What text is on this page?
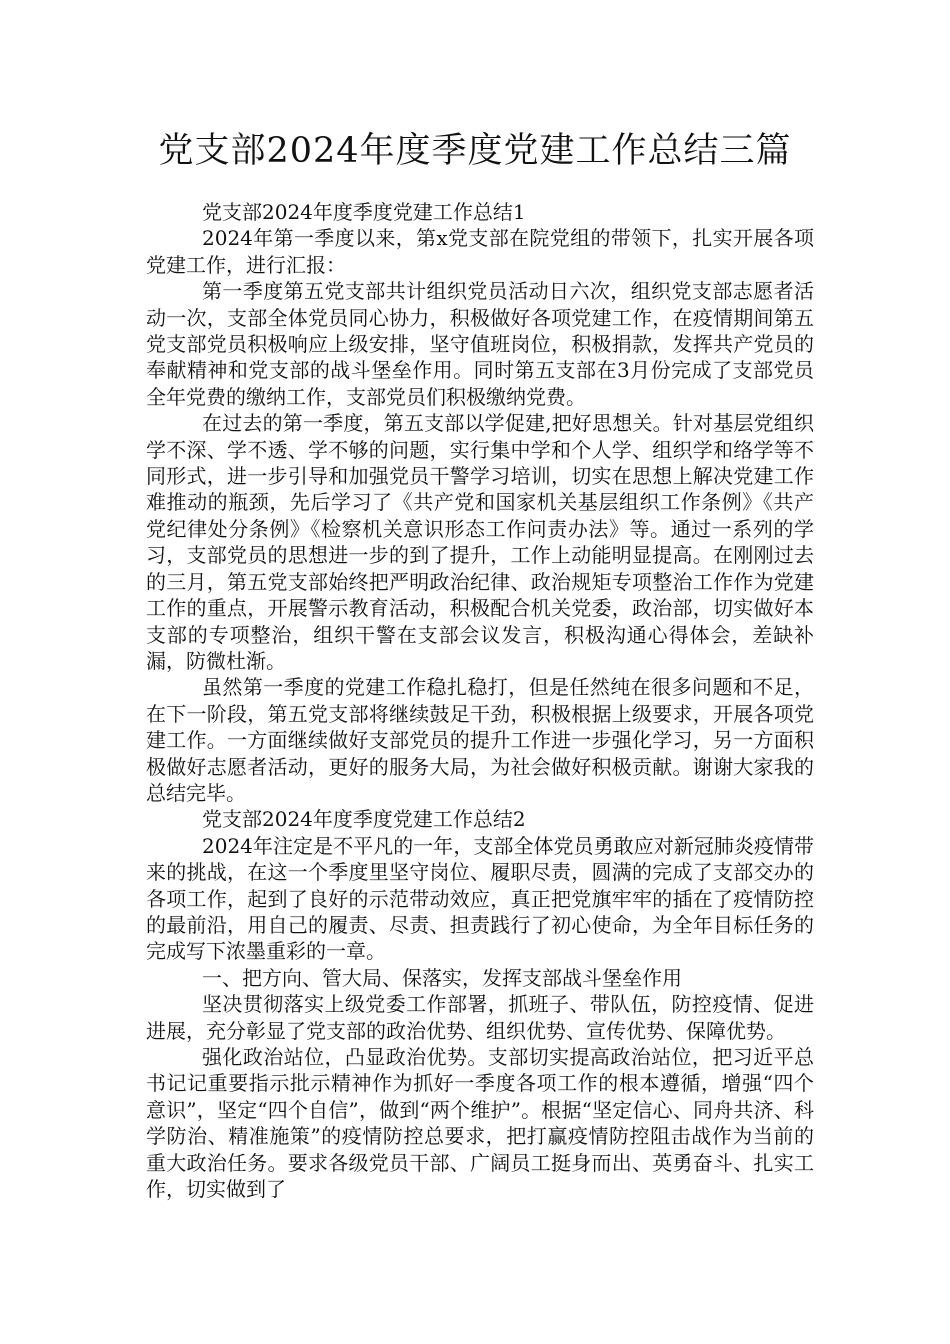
党支部2024年度季度党建工作总结三篇

党支部2024年度季度党建工作总结1

2024年第一季度以来，第x党支部在院党组的带领下，扎实开展各项党建工作，进行汇报：

第一季度第五党支部共计组织党员活动日六次，组织党支部志愿者活动一次，支部全体党员同心协力，积极做好各项党建工作，在疫情期间第五党支部党员积极响应上级安排，坚守值班岗位，积极捐款，发挥共产党员的奉献精神和党支部的战斗堡垒作用。同时第五支部在3月份完成了支部党员全年党费的缴纳工作，支部党员们积极缴纳党费。

在过去的第一季度，第五支部以学促建,把好思想关。针对基层党组织学不深、学不透、学不够的问题，实行集中学和个人学、组织学和络学等不同形式，进一步引导和加强党员干警学习培训，切实在思想上解决党建工作难推动的瓶颈，先后学习了《共产党和国家机关基层组织工作条例》《共产党纪律处分条例》《检察机关意识形态工作问责办法》等。通过一系列的学习，支部党员的思想进一步的到了提升，工作上动能明显提高。在刚刚过去的三月，第五党支部始终把严明政治纪律、政治规矩专项整治工作作为党建工作的重点，开展警示教育活动，积极配合机关党委，政治部，切实做好本支部的专项整治，组织干警在支部会议发言，积极沟通心得体会，差缺补漏，防微杜渐。

虽然第一季度的党建工作稳扎稳打，但是任然纯在很多问题和不足，在下一阶段，第五党支部将继续鼓足干劲，积极根据上级要求，开展各项党建工作。一方面继续做好支部党员的提升工作进一步强化学习，另一方面积极做好志愿者活动，更好的服务大局，为社会做好积极贡献。谢谢大家我的总结完毕。

党支部2024年度季度党建工作总结2

2024年注定是不平凡的一年，支部全体党员勇敢应对新冠肺炎疫情带来的挑战，在这一个季度里坚守岗位、履职尽责，圆满的完成了支部交办的各项工作，起到了良好的示范带动效应，真正把党旗牢牢的插在了疫情防控的最前沿，用自己的履责、尽责、担责践行了初心使命，为全年目标任务的完成写下浓墨重彩的一章。

一、把方向、管大局、保落实，发挥支部战斗堡垒作用

坚决贯彻落实上级党委工作部署，抓班子、带队伍，防控疫情、促进进展，充分彰显了党支部的政治优势、组织优势、宣传优势、保障优势。

强化政治站位，凸显政治优势。支部切实提高政治站位，把习近平总书记记重要指示批示精神作为抓好一季度各项工作的根本遵循，增强“四个意识”，坚定“四个自信”，做到“两个维护”。根据“坚定信心、同舟共济、科学防治、精准施策”的疫情防控总要求，把打赢疫情防控阻击战作为当前的重大政治任务。要求各级党员干部、广阔员工挺身而出、英勇奋斗、扎实工作，切实做到了
